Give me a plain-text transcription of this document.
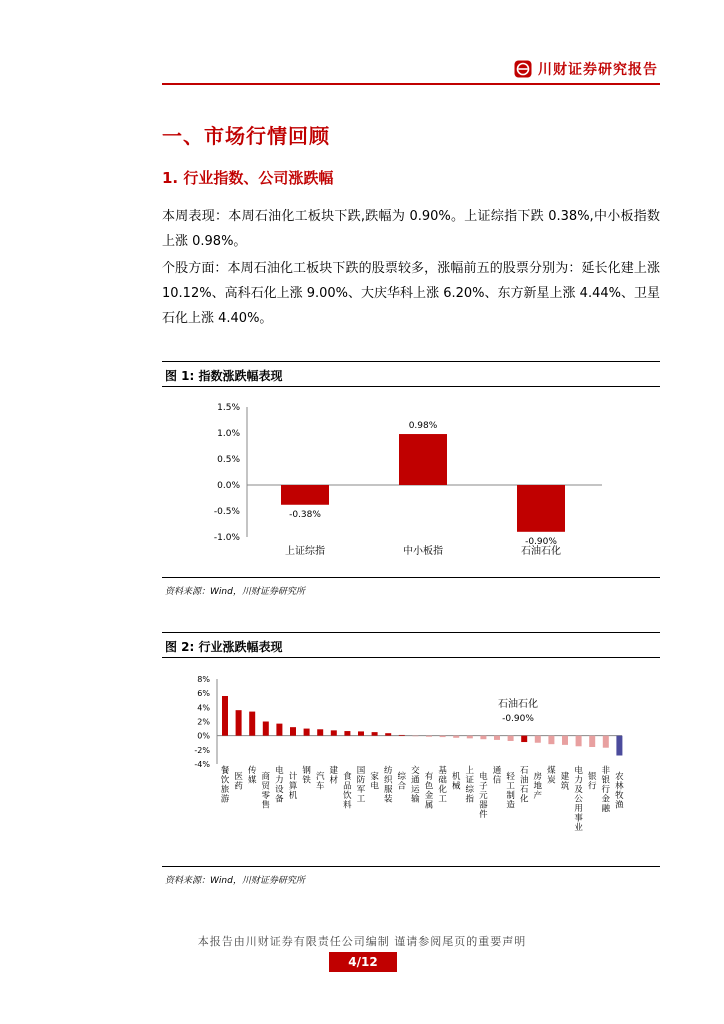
川财证券研究报告
一、市场行情回顾
1. 行业指数、公司涨跌幅
本周表现：本周石油化工板块下跌,跌幅为 0.90%。上证综指下跌 0.38%,中小板指数上涨 0.98%。
个股方面：本周石油化工板块下跌的股票较多，涨幅前五的股票分别为：延长化建上涨 10.12%、高科石化上涨 9.00%、大庆华科上涨 6.20%、东方新星上涨 4.44%、卫星石化上涨 4.40%。
图 1: 指数涨跌幅表现
-1.0%
-0.5%
0.0%
0.5%
1.0%
1.5%
-0.38%
0.98%
-0.90%
上证综指	中小板指	石油石化
资料来源：Wind，川财证券研究所
图 2: 行业涨跌幅表现
-4%
-2%
0%
2%
4%
6%
8%
餐饮旅游
医药
传媒 商贸零售
电力设备
计算机
钢铁 汽车
建材 食品饮料
国防军工
家电
纺织服装
综合
交通运输
有色金属
基础化工
机械
上证综指
电子元器件
通信 轻工制造
石油石化
房地产
煤炭 建筑
电力及公用事业
银行
非银行金融
农林牧渔
石油石化
-0.90%
资料来源：Wind，川财证券研究所
本报告由川财证券有限责任公司编制 谨请参阅尾页的重要声明
4/12
